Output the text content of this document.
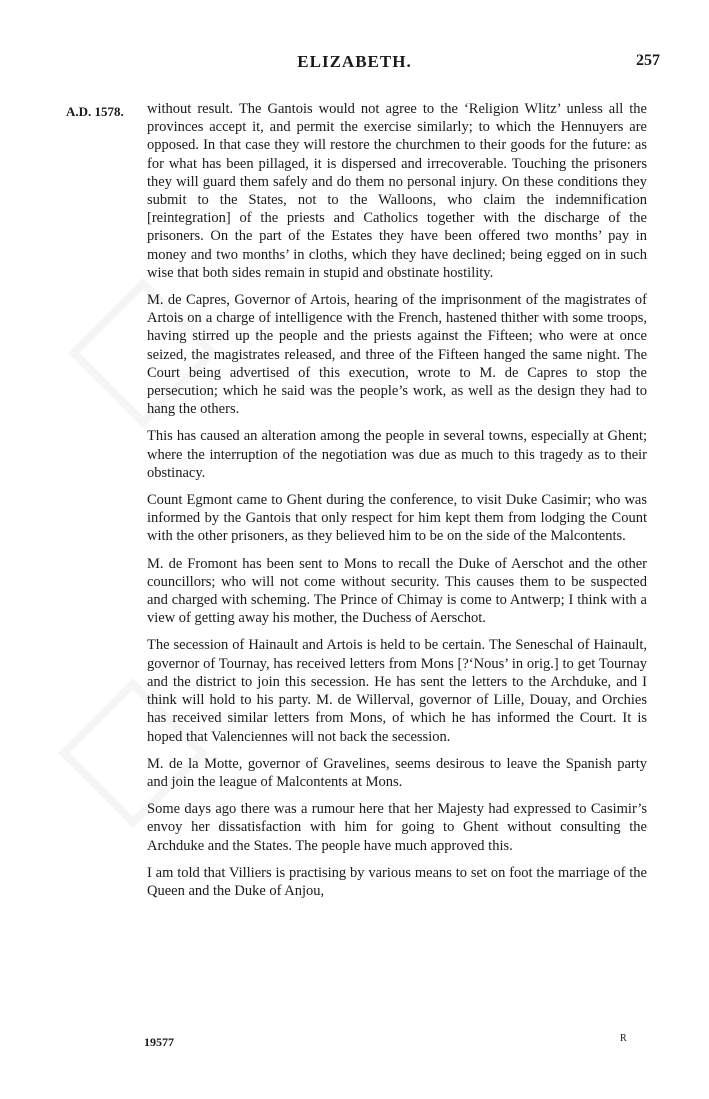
ELIZABETH.	257
A.D. 1578. without result. The Gantois would not agree to the ‘Religion Wlitz’ unless all the provinces accept it, and permit the exercise similarly; to which the Hennuyers are opposed. In that case they will restore the churchmen to their goods for the future: as for what has been pillaged, it is dispersed and irrecoverable. Touching the prisoners they will guard them safely and do them no personal injury. On these conditions they submit to the States, not to the Walloons, who claim the indemnification [reintegration] of the priests and Catholics together with the discharge of the prisoners. On the part of the Estates they have been offered two months’ pay in money and two months’ in cloths, which they have declined; being egged on in such wise that both sides remain in stupid and obstinate hostility.

M. de Capres, Governor of Artois, hearing of the imprisonment of the magistrates of Artois on a charge of intelligence with the French, hastened thither with some troops, having stirred up the people and the priests against the Fifteen; who were at once seized, the magistrates released, and three of the Fifteen hanged the same night. The Court being advertised of this execution, wrote to M. de Capres to stop the persecution; which he said was the people’s work, as well as the design they had to hang the others.

This has caused an alteration among the people in several towns, especially at Ghent; where the interruption of the negotiation was due as much to this tragedy as to their obstinacy.

Count Egmont came to Ghent during the conference, to visit Duke Casimir; who was informed by the Gantois that only respect for him kept them from lodging the Count with the other prisoners, as they believed him to be on the side of the Malcontents.

M. de Fromont has been sent to Mons to recall the Duke of Aerschot and the other councillors; who will not come without security. This causes them to be suspected and charged with scheming. The Prince of Chimay is come to Antwerp; I think with a view of getting away his mother, the Duchess of Aerschot.

The secession of Hainault and Artois is held to be certain. The Seneschal of Hainault, governor of Tournay, has received letters from Mons [?‘Nous’ in orig.] to get Tournay and the district to join this secession. He has sent the letters to the Archduke, and I think will hold to his party. M. de Willerval, governor of Lille, Douay, and Orchies has received similar letters from Mons, of which he has informed the Court. It is hoped that Valenciennes will not back the secession.

M. de la Motte, governor of Gravelines, seems desirous to leave the Spanish party and join the league of Malcontents at Mons.

Some days ago there was a rumour here that her Majesty had expressed to Casimir’s envoy her dissatisfaction with him for going to Ghent without consulting the Archduke and the States. The people have much approved this.

I am told that Villiers is practising by various means to set on foot the marriage of the Queen and the Duke of Anjou,

19577	R
